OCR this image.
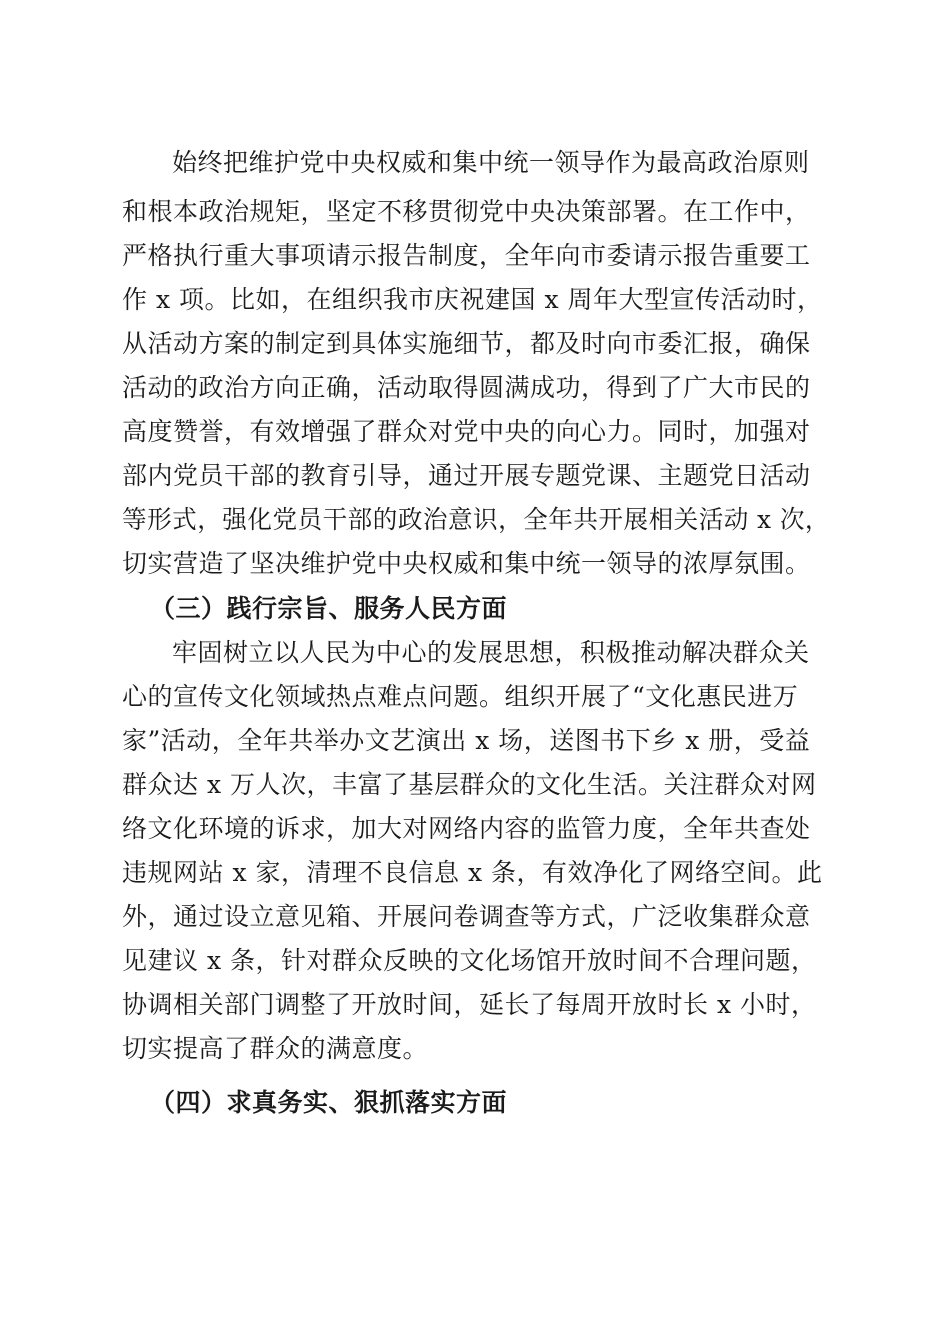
始终把维护党中央权威和集中统一领导作为最高政治原则
和根本政治规矩，坚定不移贯彻党中央决策部署。在工作中，
严格执行重大事项请示报告制度，全年向市委请示报告重要工
作 x 项。比如，在组织我市庆祝建国 x 周年大型宣传活动时，
从活动方案的制定到具体实施细节，都及时向市委汇报，确保
活动的政治方向正确，活动取得圆满成功，得到了广大市民的
高度赞誉，有效增强了群众对党中央的向心力。同时，加强对
部内党员干部的教育引导，通过开展专题党课、主题党日活动
等形式，强化党员干部的政治意识，全年共开展相关活动 x 次，
切实营造了坚决维护党中央权威和集中统一领导的浓厚氛围。
（三）践行宗旨、服务人民方面
牢固树立以人民为中心的发展思想，积极推动解决群众关
心的宣传文化领域热点难点问题。组织开展了“文化惠民进万
家”活动，全年共举办文艺演出 x 场，送图书下乡 x 册，受益
群众达 x 万人次，丰富了基层群众的文化生活。关注群众对网
络文化环境的诉求，加大对网络内容的监管力度，全年共查处
违规网站 x 家，清理不良信息 x 条，有效净化了网络空间。此
外，通过设立意见箱、开展问卷调查等方式，广泛收集群众意
见建议 x 条，针对群众反映的文化场馆开放时间不合理问题，
协调相关部门调整了开放时间，延长了每周开放时长 x 小时，
切实提高了群众的满意度。
（四）求真务实、狠抓落实方面
